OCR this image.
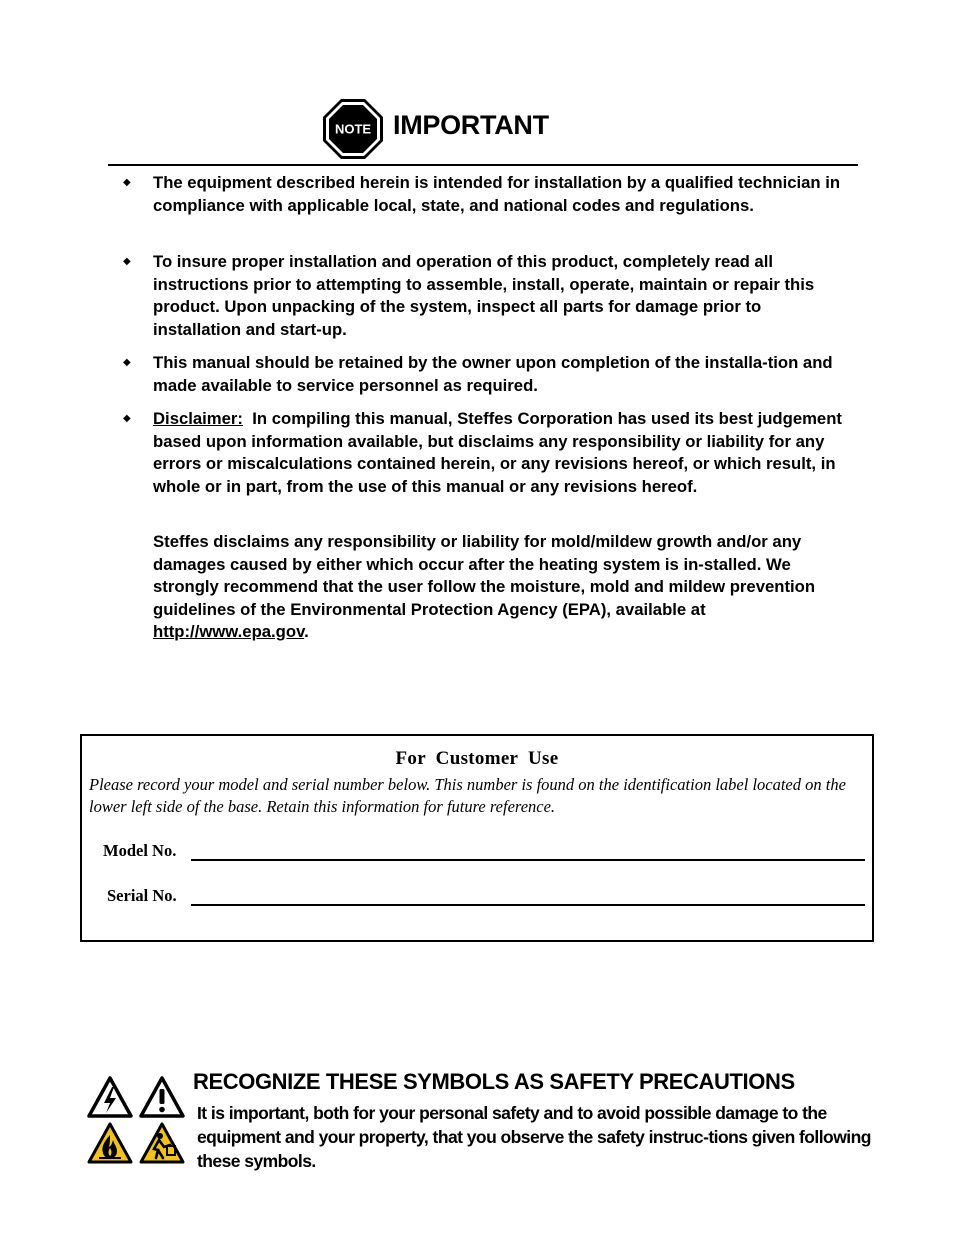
NOTE IMPORTANT
◆ The equipment described herein is intended for installation by a qualified technician in compliance with applicable local, state, and national codes and regulations.
◆ To insure proper installation and operation of this product, completely read all instructions prior to attempting to assemble, install, operate, maintain or repair this product. Upon unpacking of the system, inspect all parts for damage prior to installation and start-up.
◆ This manual should be retained by the owner upon completion of the installa-tion and made available to service personnel as required.
◆ Disclaimer: In compiling this manual, Steffes Corporation has used its best judgement based upon information available, but disclaims any responsibility or liability for any errors or miscalculations contained herein, or any revisions hereof, or which result, in whole or in part, from the use of this manual or any revisions hereof.
Steffes disclaims any responsibility or liability for mold/mildew growth and/or any damages caused by either which occur after the heating system is in-stalled. We strongly recommend that the user follow the moisture, mold and mildew prevention guidelines of the Environmental Protection Agency (EPA), available at http://www.epa.gov.
For  Customer  Use
Please record your model and serial number below. This number is found on the identification label located on the lower left side of the base. Retain this information for future reference.
Model No.
Serial No.
RECOGNIZE THESE SYMBOLS AS SAFETY PRECAUTIONS
It is important, both for your personal safety and to avoid possible damage to the equipment and your property, that you observe the safety instruc-tions given following these symbols.
